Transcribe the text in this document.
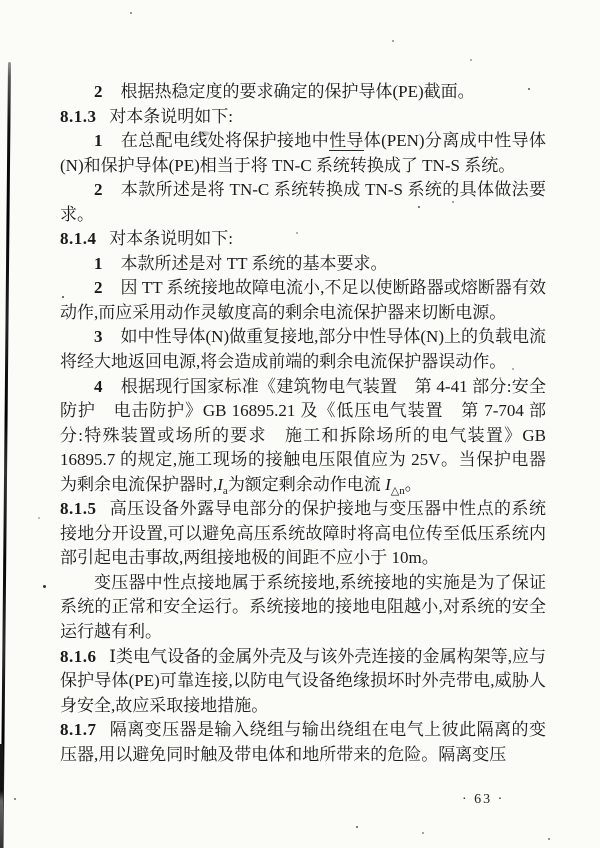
2 根据热稳定度的要求确定的保护导体(PE)截面。

8.1.3 对本条说明如下:

1 在总配电线处将保护接地中性导体(PEN)分离成中性导体(N)和保护导体(PE)相当于将 TN-C 系统转换成了 TN-S 系统。

2 本款所述是将 TN-C 系统转换成 TN-S 系统的具体做法要求。

8.1.4 对本条说明如下:

1 本款所述是对 TT 系统的基本要求。

2 因 TT 系统接地故障电流小,不足以使断路器或熔断器有效动作,而应采用动作灵敏度高的剩余电流保护器来切断电源。

3 如中性导体(N)做重复接地,部分中性导体(N)上的负载电流将经大地返回电源,将会造成前端的剩余电流保护器误动作。

4 根据现行国家标准《建筑物电气装置　第 4-41 部分:安全防护　电击防护》GB 16895.21 及《低压电气装置　第 7-704 部分:特殊装置或场所的要求　施工和拆除场所的电气装置》GB 16895.7 的规定,施工现场的接触电压限值应为 25V。当保护电器为剩余电流保护器时$,I_a$为额定剩余动作电流 $I_{\triangle n}$。

8.1.5 高压设备外露导电部分的保护接地与变压器中性点的系统接地分开设置,可以避免高压系统故障时将高电位传至低压系统内部引起电击事故,两组接地极的间距不应小于 10m。

变压器中性点接地属于系统接地,系统接地的实施是为了保证系统的正常和安全运行。系统接地的接地电阻越小,对系统的安全运行越有利。

8.1.6 Ⅰ类电气设备的金属外壳及与该外壳连接的金属构架等,应与保护导体(PE)可靠连接,以防电气设备绝缘损坏时外壳带电,威胁人身安全,故应采取接地措施。

8.1.7 隔离变压器是输入绕组与输出绕组在电气上彼此隔离的变压器,用以避免同时触及带电体和地所带来的危险。隔离变压

· 63 ·
